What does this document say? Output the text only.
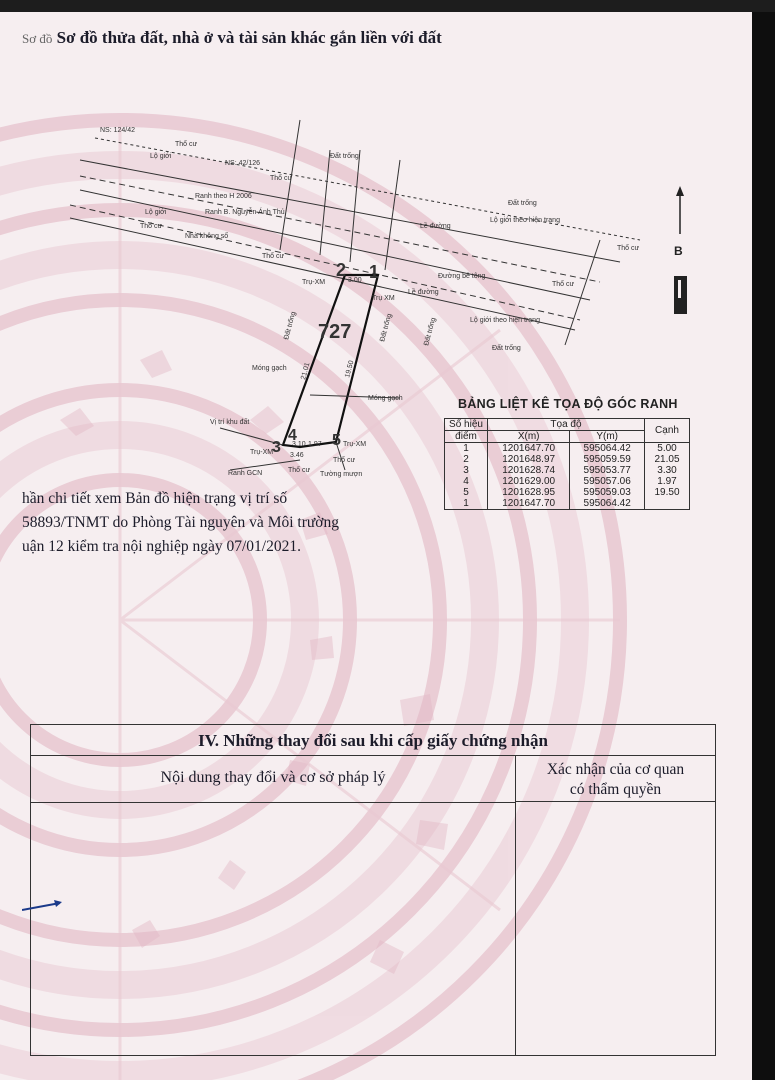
Sơ đồ Sơ đồ thửa đất, nhà ở và tài sản khác gắn liền với đất
2 1
3
4 5
727
NS: 124/42
Lộ giới
Thổ cư
NS: 42/126
Thổ cư
Đất trống
Ranh theo H 2006
Ranh B. Nguyễn Ánh Thủ
Lộ giới
Thổ cư
Nhà không số
Thổ cư
Đất trống
Lộ giới theo hiện trạng
Lề đường
Thổ cư
Đường bê tông
Lề đường
Thổ cư
Lộ giới theo hiện trạng
Đất trống
Trụ-XM
Trụ XM
3.00
Móng gạch
Móng gạch
Vị trí khu đất
Trụ-XM
Trụ-XM
3.10 1.97
3.46
Thổ cư
Thổ cư
Ranh GCN	Tường mượn
Đất trống	Đất trống	Đất trống
21.01	19.50
B
BẢNG LIỆT KÊ TỌA ĐỘ GÓC RANH
Số hiệu	Tọa độ		Cạnh
điểm	X(m)	Y(m)	
1	1201647.70	595064.42	5.00
2	1201648.97	595059.59	21.05
3	1201628.74	595053.77	3.30
4	1201629.00	595057.06	1.97
5	1201628.95	595059.03	19.50
1	1201647.70	595064.42	
hần chi tiết xem Bản đồ hiện trạng vị trí số
58893/TNMT do Phòng Tài nguyên và Môi trường
uận 12 kiểm tra nội nghiệp ngày 07/01/2021.
IV. Những thay đổi sau khi cấp giấy chứng nhận
Nội dung thay đổi và cơ sở pháp lý	Xác nhận của cơ quan
có thẩm quyền
